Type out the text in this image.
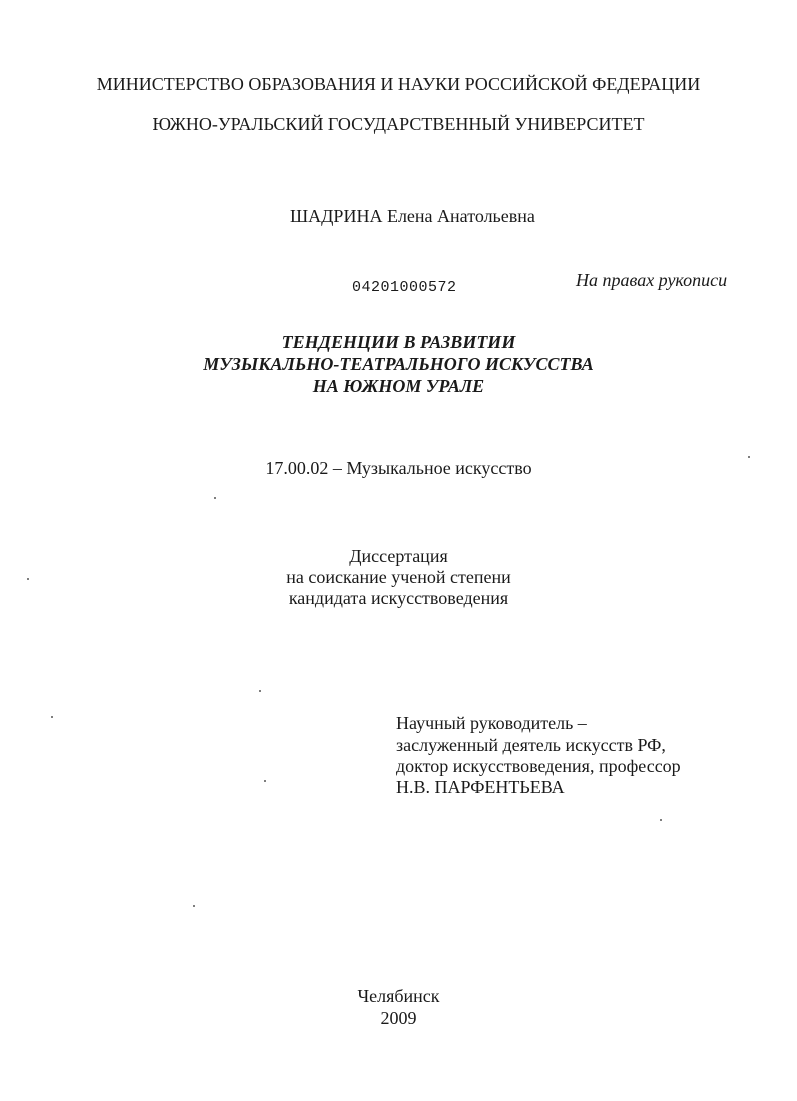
МИНИСТЕРСТВО ОБРАЗОВАНИЯ И НАУКИ РОССИЙСКОЙ ФЕДЕРАЦИИ
ЮЖНО-УРАЛЬСКИЙ ГОСУДАРСТВЕННЫЙ УНИВЕРСИТЕТ
ШАДРИНА Елена Анатольевна
04201000572	На правах рукописи
ТЕНДЕНЦИИ В РАЗВИТИИ
МУЗЫКАЛЬНО-ТЕАТРАЛЬНОГО ИСКУССТВА
НА ЮЖНОМ УРАЛЕ
17.00.02 – Музыкальное искусство
Диссертация
на соискание ученой степени
кандидата искусствоведения
Научный руководитель –
заслуженный деятель искусств РФ,
доктор искусствоведения, профессор
Н.В. ПАРФЕНТЬЕВА
Челябинск
2009
